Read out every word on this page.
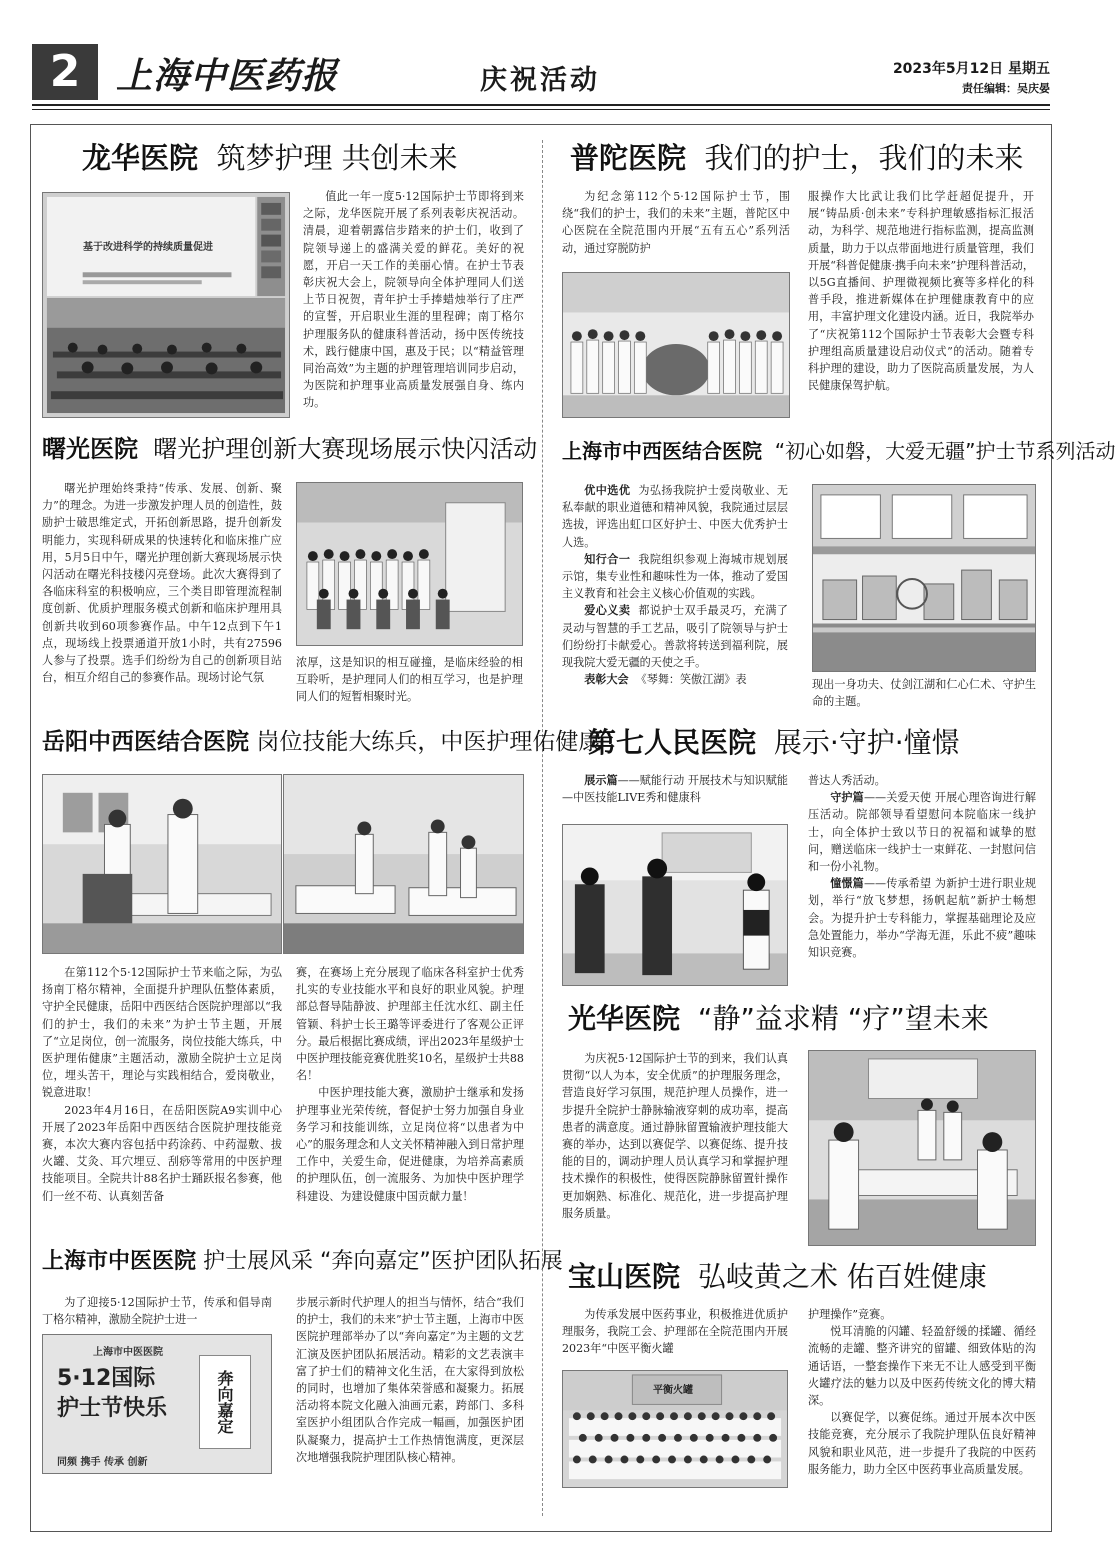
2 上海中医药报	庆祝活动	2023年5月12日 星期五
责任编辑：吴庆晏
龙华医院 筑梦护理 共创未来
基于改进科学的持续质量促进
值此一年一度5·12国际护士节即将到来之际，龙华医院开展了系列表彰庆祝活动。清晨，迎着朝露信步踏来的护士们，收到了院领导递上的盛满关爱的鲜花。美好的祝愿，开启一天工作的美丽心情。在护士节表彰庆祝大会上，院领导向全体护理同人们送上节日祝贺，青年护士手捧蜡烛举行了庄严的宣誓，开启职业生涯的里程碑；南丁格尔护理服务队的健康科普活动，扬中医传统技术，践行健康中国，惠及于民；以“精益管理 同治高效”为主题的护理管理培训同步启动，为医院和护理事业高质量发展强自身、练内功。
普陀医院 我们的护士，我们的未来
为纪念第112个5·12国际护士节，围绕“我们的护士，我们的未来”主题，普陀区中心医院在全院范围内开展“五有五心”系列活动，通过穿脱防护
服操作大比武让我们比学赶超促提升，开展“铸品质·创未来”专科护理敏感指标汇报活动，为科学、规范地进行指标监测，提高监测质量，助力于以点带面地进行质量管理，我们开展“科普促健康·携手向未来”护理科普活动，以5G直播间、护理微视频比赛等多样化的科普手段，推进新媒体在护理健康教育中的应用，丰富护理文化建设内涵。近日，我院举办了“庆祝第112个国际护士节表彰大会暨专科护理组高质量建设启动仪式”的活动。随着专科护理的建设，助力了医院高质量发展，为人民健康保驾护航。
曙光医院 曙光护理创新大赛现场展示快闪活动
曙光护理始终秉持“传承、发展、创新、聚力”的理念。为进一步激发护理人员的创造性，鼓励护士破思维定式，开拓创新思路，提升创新发明能力，实现科研成果的快速转化和临床推广应用，5月5日中午，曙光护理创新大赛现场展示快闪活动在曙光科技楼闪亮登场。此次大赛得到了各临床科室的积极响应，三个类目即管理流程制度创新、优质护理服务模式创新和临床护理用具创新共收到60项参赛作品。中午12点到下午1点，现场线上投票通道开放1小时，共有27596人参与了投票。选手们纷纷为自己的创新项目站台，相互介绍自己的参赛作品。现场讨论气氛
浓厚，这是知识的相互碰撞，是临床经验的相互聆听，是护理同人们的相互学习，也是护理同人们的短暂相聚时光。
上海市中西医结合医院 “初心如磐，大爱无疆”护士节系列活动

优中选优 为弘扬我院护士爱岗敬业、无私奉献的职业道德和精神风貌，我院通过层层选拔，评选出虹口区好护士、中医大优秀护士人选。

知行合一 我院组织参观上海城市规划展示馆，集专业性和趣味性为一体，推动了爱国主义教育和社会主义核心价值观的实践。

爱心义卖 都说护士双手最灵巧，充满了灵动与智慧的手工艺品，吸引了院领导与护士们纷纷打卡献爱心。善款将转送到福利院，展现我院大爱无疆的天使之手。

表彰大会 《琴舞：笑傲江湖》表	现出一身功夫、仗剑江湖和仁心仁术、守护生命的主题。
岳阳中西医结合医院 岗位技能大练兵，中医护理佑健康

在第112个5·12国际护士节来临之际，为弘扬南丁格尔精神，全面提升护理队伍整体素质，守护全民健康，岳阳中西医结合医院护理部以“我们的护士，我们的未来”为护士节主题，开展了“立足岗位，创一流服务，岗位技能大练兵，中医护理佑健康”主题活动，激励全院护士立足岗位，埋头苦干，理论与实践相结合，爱岗敬业，锐意进取！

2023年4月16日，在岳阳医院A9实训中心开展了2023年岳阳中西医结合医院护理技能竞赛，本次大赛内容包括中药涂药、中药湿敷、拔火罐、艾灸、耳穴埋豆、刮痧等常用的中医护理技能项目。全院共计88名护士踊跃报名参赛，他们一丝不苟、认真刻苦备

赛，在赛场上充分展现了临床各科室护士优秀扎实的专业技能水平和良好的职业风貌。护理部总督导陆静波、护理部主任沈水红、副主任管颖、科护士长王璐等评委进行了客观公正评分。最后根据比赛成绩，评出2023年星级护士中医护理技能竞赛优胜奖10名，星级护士共88名！

中医护理技能大赛，激励护士继承和发扬护理事业光荣传统，督促护士努力加强自身业务学习和技能训练，立足岗位将“以患者为中心”的服务理念和人文关怀精神融入到日常护理工作中，关爱生命，促进健康，为培养高素质的护理队伍，创一流服务、为加快中医护理学科建设、为建设健康中国贡献力量！

第七人民医院 展示·守护·憧憬
展示篇——赋能行动 开展技术与知识赋能—中医技能LIVE秀和健康科

普达人秀活动。

守护篇——关爱天使 开展心理咨询进行解压活动。院部领导看望慰问本院临床一线护士，向全体护士致以节日的祝福和诚挚的慰问，赠送临床一线护士一束鲜花、一封慰问信和一份小礼物。

憧憬篇——传承希望 为新护士进行职业规划，举行“放飞梦想，扬帆起航”新护士畅想会。为提升护士专科能力，掌握基础理论及应急处置能力，举办“学海无涯，乐此不疲”趣味知识竞赛。

光华医院 “静”益求精 “疗”望未来
为庆祝5·12国际护士节的到来，我们认真贯彻“以人为本，安全优质”的护理服务理念，营造良好学习氛围，规范护理人员操作，进一步提升全院护士静脉输液穿刺的成功率，提高患者的满意度。通过静脉留置输液护理技能大赛的举办，达到以赛促学、以赛促练、提升技能的目的，调动护理人员认真学习和掌握护理技术操作的积极性，使得医院静脉留置针操作更加娴熟、标准化、规范化，进一步提高护理服务质量。
上海市中医医院 护士展风采 “奔向嘉定”医护团队拓展
为了迎接5·12国际护士节，传承和倡导南丁格尔精神，激励全院护士进一
上海市中医医院
5·12国际
护士节快乐	奔向嘉定
同频 携手 传承 创新
步展示新时代护理人的担当与情怀，结合“我们的护士，我们的未来”护士节主题，上海市中医医院护理部举办了以“奔向嘉定”为主题的文艺汇演及医护团队拓展活动。精彩的文艺表演丰富了护士们的精神文化生活，在大家得到放松的同时，也增加了集体荣誉感和凝聚力。拓展活动将本院文化融入油画元素，跨部门、多科室医护小组团队合作完成一幅画，加强医护团队凝聚力，提高护士工作热情饱满度，更深层次地增强我院护理团队核心精神。
宝山医院 弘岐黄之术 佑百姓健康
为传承发展中医药事业，积极推进优质护理服务，我院工会、护理部在全院范围内开展2023年“中医平衡火罐
平衡火罐

护理操作”竞赛。

悦耳清脆的闪罐、轻盈舒缓的揉罐、循经流畅的走罐、整齐讲究的留罐、细致体贴的沟通话语，一整套操作下来无不让人感受到平衡火罐疗法的魅力以及中医药传统文化的博大精深。

以赛促学，以赛促练。通过开展本次中医技能竞赛，充分展示了我院护理队伍良好精神风貌和职业风范，进一步提升了我院的中医药服务能力，助力全区中医药事业高质量发展。
